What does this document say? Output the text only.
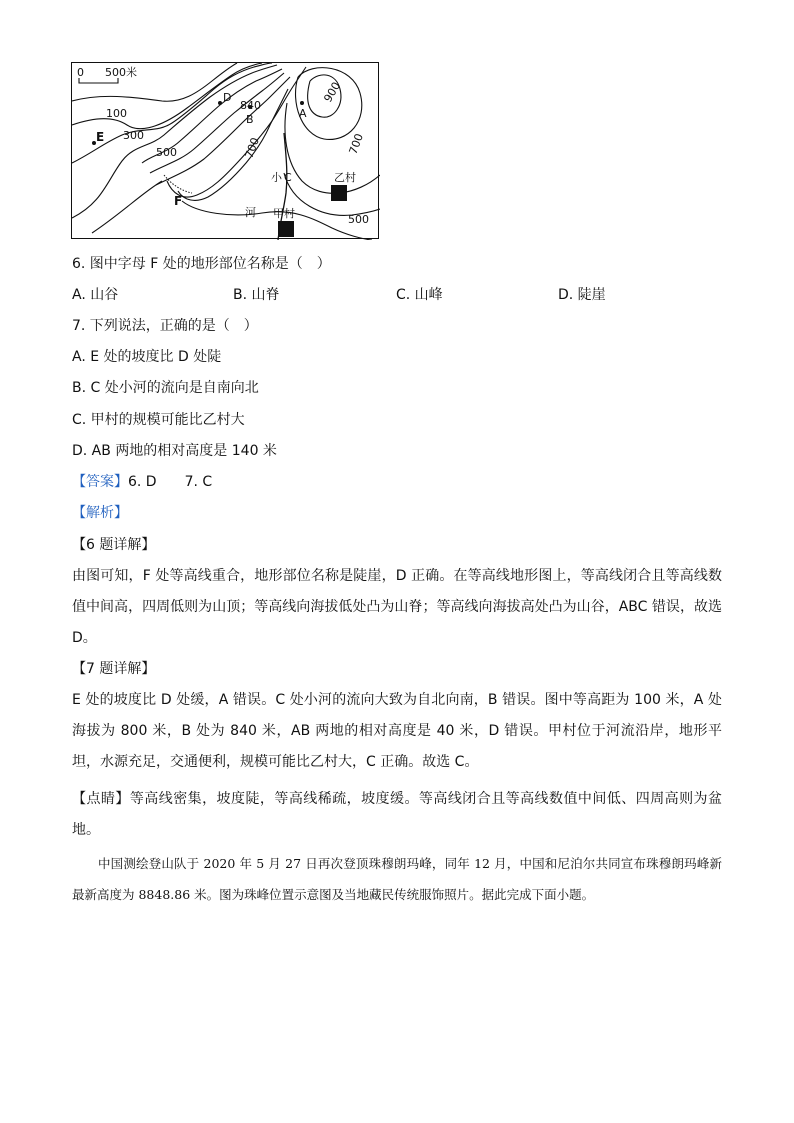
0 500米
100
300
500
840
900
700	700
500
E
D
B	A
F
C
小
河
乙村
甲村
6. 图中字母 F 处的地形部位名称是（　）
A. 山谷	B. 山脊	C. 山峰	D. 陡崖
7. 下列说法，正确的是（　）
A. E 处的坡度比 D 处陡
B. C 处小河的流向是自南向北
C. 甲村的规模可能比乙村大
D. AB 两地的相对高度是 140 米
【答案】6. D　　7. C
【解析】
【6 题详解】
由图可知，F 处等高线重合，地形部位名称是陡崖，D 正确。在等高线地形图上，等高线闭合且等高线数值中间高，四周低则为山顶；等高线向海拔低处凸为山脊；等高线向海拔高处凸为山谷，ABC 错误，故选 D。
【7 题详解】
E 处的坡度比 D 处缓，A 错误。C 处小河的流向大致为自北向南，B 错误。图中等高距为 100 米，A 处海拔为 800 米，B 处为 840 米，AB 两地的相对高度是 40 米，D 错误。甲村位于河流沿岸，地形平坦，水源充足，交通便利，规模可能比乙村大，C 正确。故选 C。
【点睛】等高线密集，坡度陡，等高线稀疏，坡度缓。等高线闭合且等高线数值中间低、四周高则为盆地。
中国测绘登山队于 2020 年 5 月 27 日再次登顶珠穆朗玛峰，同年 12 月，中国和尼泊尔共同宣布珠穆朗玛峰新最新高度为 8848.86 米。图为珠峰位置示意图及当地藏民传统服饰照片。据此完成下面小题。
